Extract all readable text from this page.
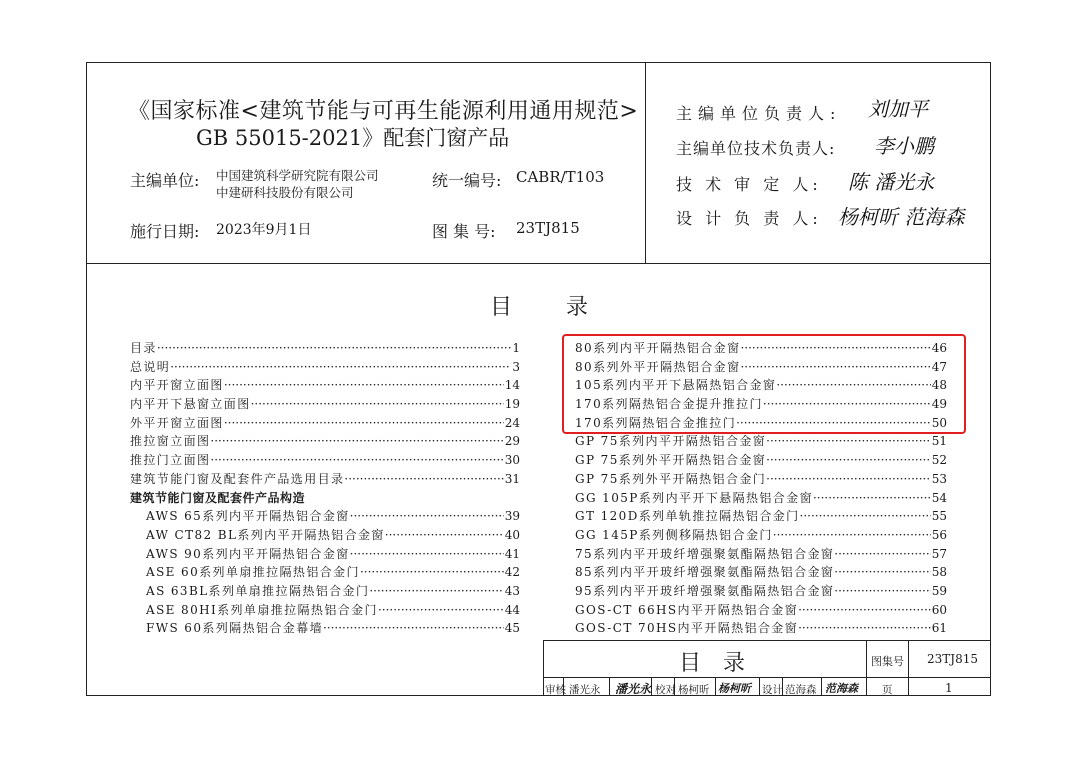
《国家标准<建筑节能与可再生能源利用通用规范>
GB 55015-2021》配套门窗产品
主编单位: 中国建筑科学研究院有限公司
中建研科技股份有限公司
统一编号: CABR/T103
施行日期: 2023年9月1日	图 集 号: 23TJ815
主编单位负责人: 刘加平
主编单位技术负责人: 李小鹏
技 术 审 定 人: 陈 潘光永
设 计 负 责 人: 杨柯昕 范海森
目 录
目录 ·····	1
总说明 ·····	3
内平开窗立面图 ·····	14
内平开下悬窗立面图 ·····	19
外平开窗立面图 ·····	24
推拉窗立面图 ·····	29
推拉门立面图 ·····	30
建筑节能门窗及配套件产品选用目录 ·····	31
建筑节能门窗及配套件产品构造
AWS 65系列内平开隔热铝合金窗 ·····	39
AW CT82 BL系列内平开隔热铝合金窗 ·····	40
AWS 90系列内平开隔热铝合金窗 ·····	41
ASE 60系列单扇推拉隔热铝合金门 ·····	42
AS 63BL系列单扇推拉隔热铝合金门 ·····	43
ASE 80HI系列单扇推拉隔热铝合金门 ·····	44
FWS 60系列隔热铝合金幕墙 ·····	45
80系列内平开隔热铝合金窗 ·····	46
80系列外平开隔热铝合金窗 ·····	47
105系列内平开下悬隔热铝合金窗 ·····	48
170系列隔热铝合金提升推拉门 ·····	49
170系列隔热铝合金推拉门 ·····	50
GP 75系列内平开隔热铝合金窗 ·····	51
GP 75系列外平开隔热铝合金窗 ·····	52
GP 75系列外平开隔热铝合金门 ·····	53
GG 105P系列内平开下悬隔热铝合金窗 ·····	54
GT 120D系列单轨推拉隔热铝合金门 ·····	55
GG 145P系列侧移隔热铝合金门 ·····	56
75系列内平开玻纤增强聚氨酯隔热铝合金窗 ·····	57
85系列内平开玻纤增强聚氨酯隔热铝合金窗 ·····	58
95系列内平开玻纤增强聚氨酯隔热铝合金窗 ·····	59
GOS-CT 66HS内平开隔热铝合金窗 ·····	60
GOS-CT 70HS内平开隔热铝合金窗 ·····	61
目 录	图集号 23TJ815
审核 潘光永 潘光永 校对 杨柯昕 杨柯昕 设计 范海森 范海森 页	1
